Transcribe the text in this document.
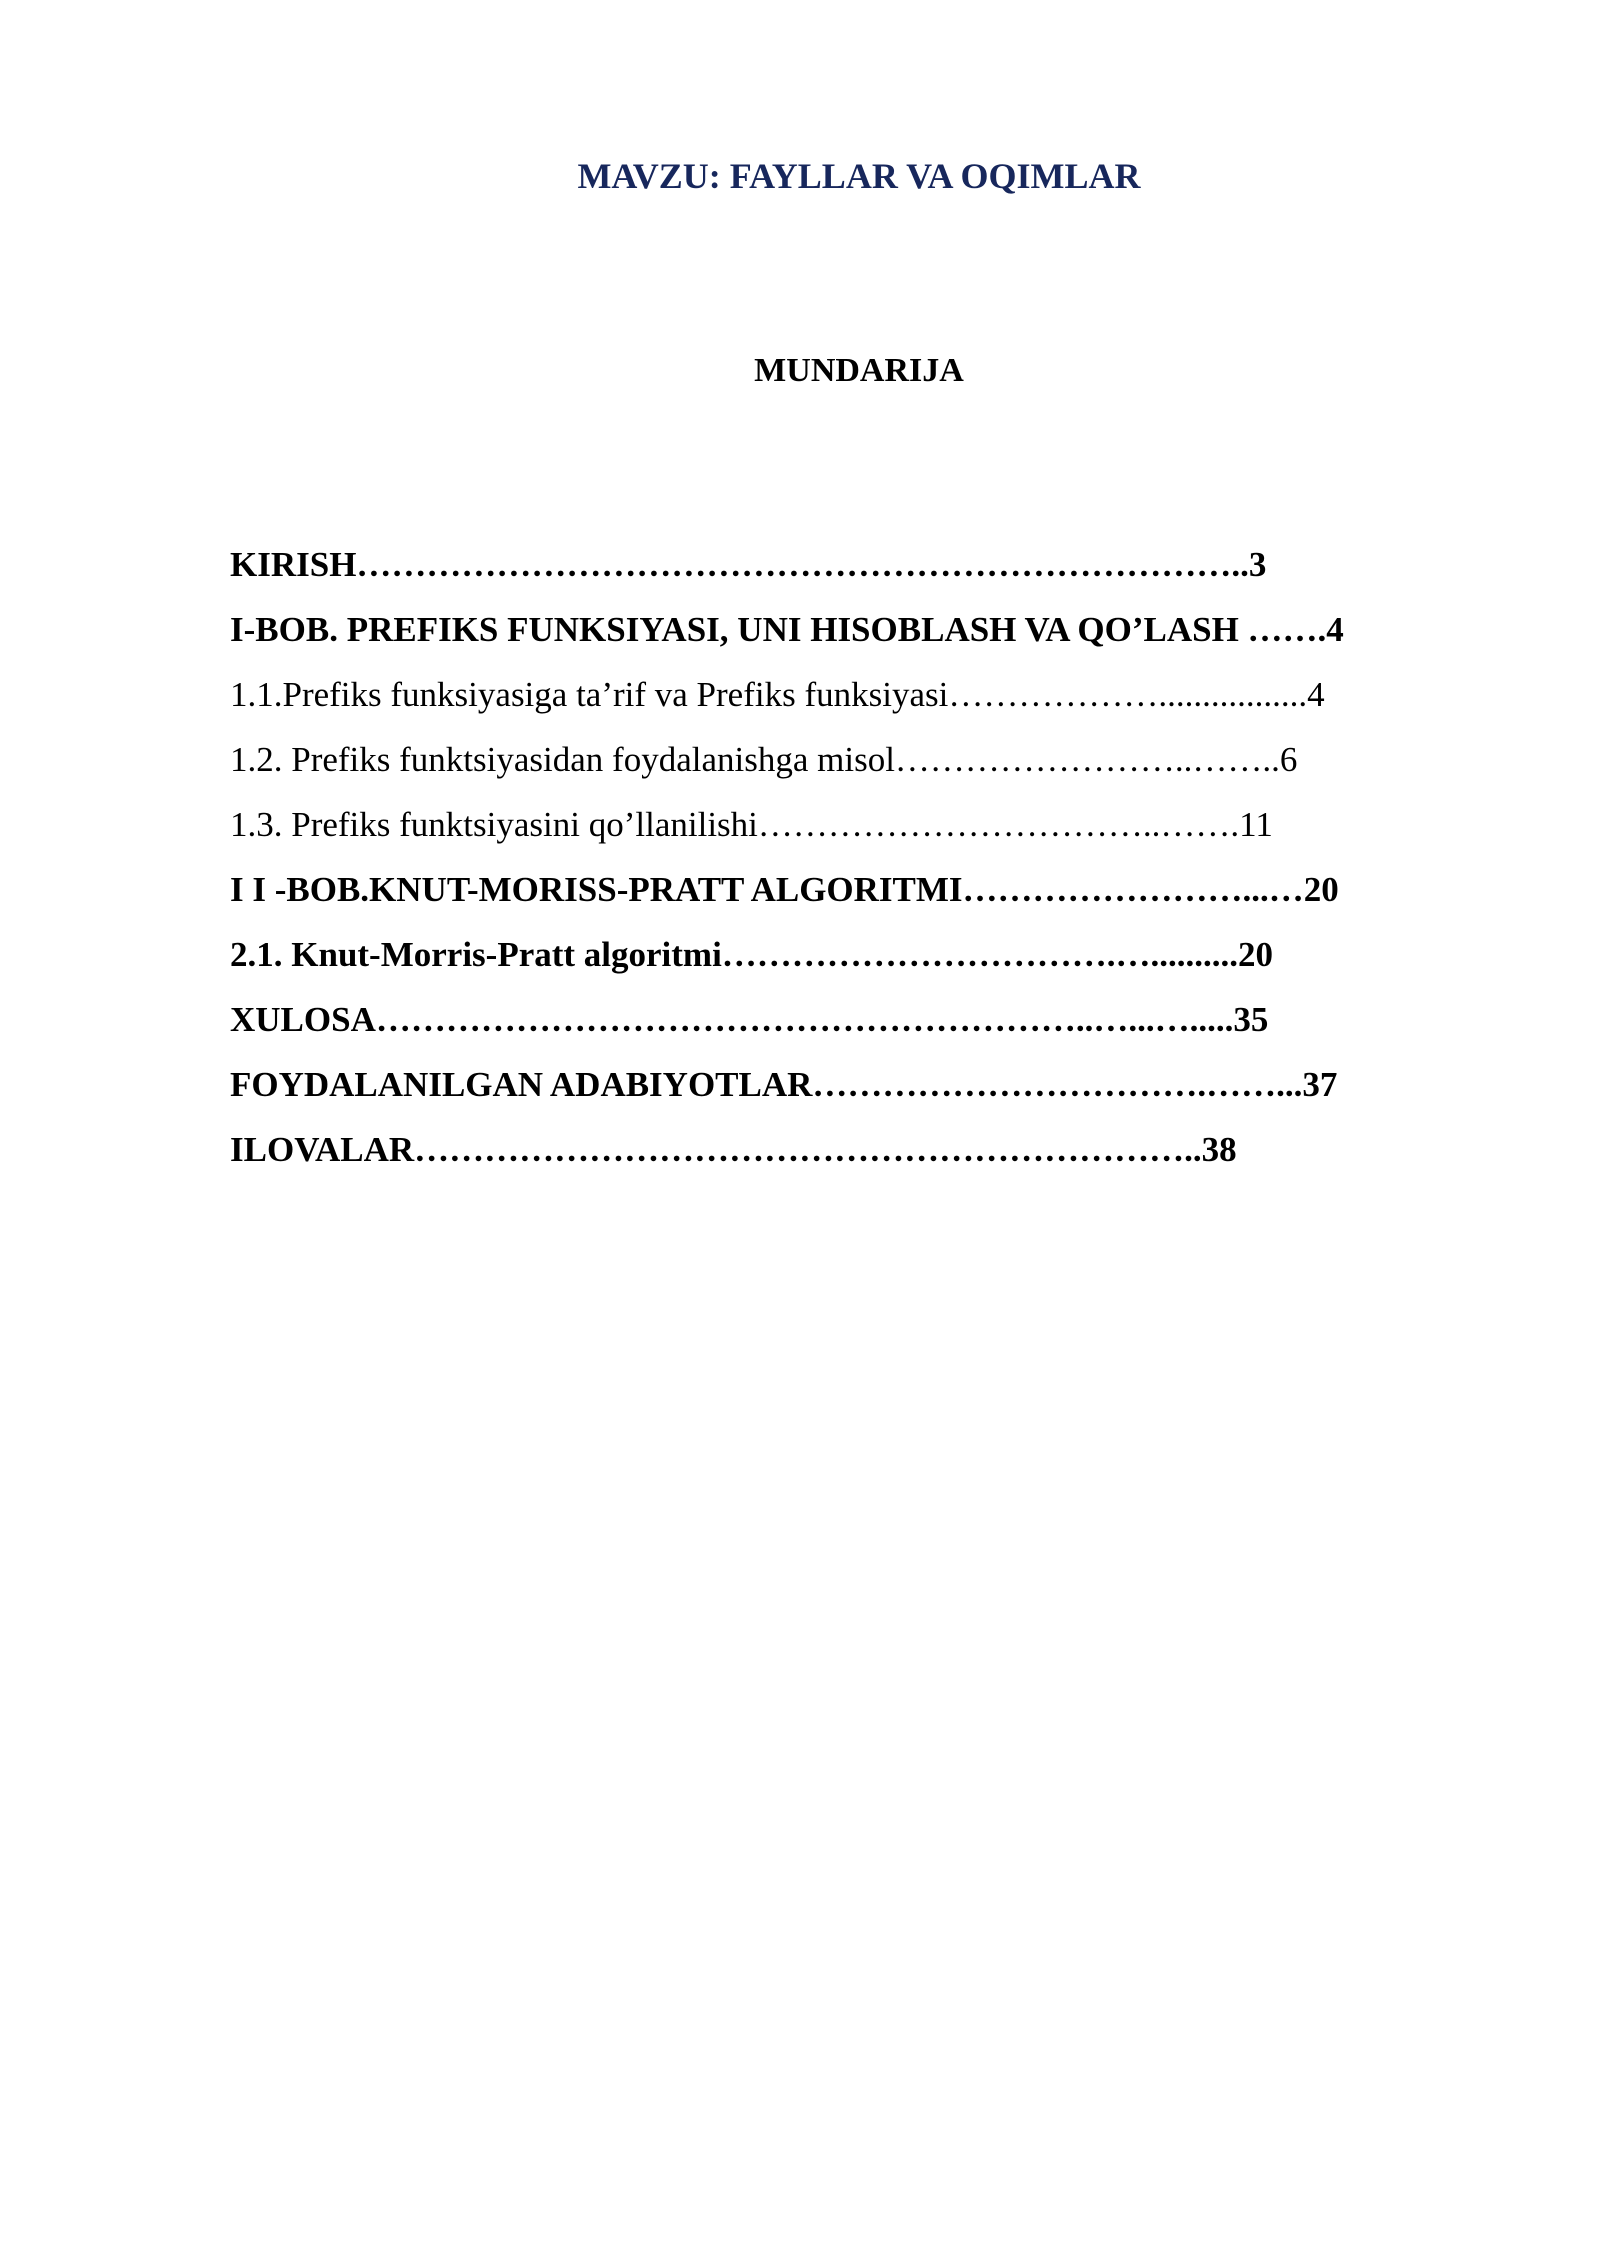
MAVZU: FAYLLAR VA OQIMLAR
MUNDARIJA
KIRISH…………………………………………………………………..3
I-BOB. PREFIKS FUNKSIYASI, UNI HISOBLASH VA QO’LASH …….4
1.1.Prefiks funksiyasiga ta’rif va Prefiks funksiyasi……………….................4
1.2. Prefiks funktsiyasidan foydalanishga misol……………………..……..6
1.3. Prefiks funktsiyasini qo’llanilishi……………………………..…….11
I I -BOB.KNUT-MORISS-PRATT ALGORITMI……………………...…20
2.1. Knut-Morris-Pratt algoritmi…………………………….…..........20
XULOSA……………………………………………………..…...….....35
FOYDALANILGAN ADABIYOTLAR…………………………….……...37
ILOVALAR…………………………………………………………..38
